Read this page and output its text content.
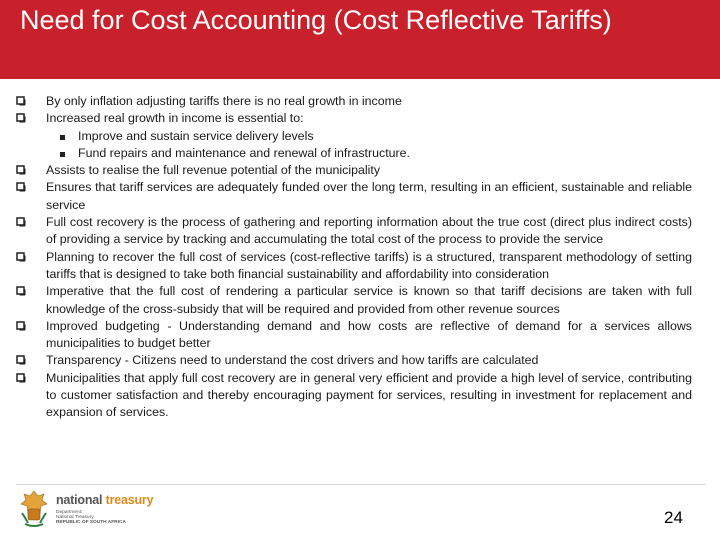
Need for Cost Accounting (Cost Reflective Tariffs)
By only inflation adjusting tariffs there is no real growth in income
Increased real growth in income is essential to:
Improve and sustain service delivery levels
Fund repairs and maintenance and renewal of infrastructure.
Assists to realise the full revenue potential of the municipality
Ensures that tariff services are adequately funded over the long term, resulting in an efficient, sustainable and reliable service
Full cost recovery is the process of gathering and reporting information about the true cost (direct plus indirect costs) of providing a service by tracking and accumulating the total cost of the process to provide the service
Planning to recover the full cost of services (cost-reflective tariffs) is a structured, transparent methodology of setting tariffs that is designed to take both financial sustainability and affordability into consideration
Imperative that the full cost of rendering a particular service is known so that tariff decisions are taken with full knowledge of the cross-subsidy that will be required and provided from other revenue sources
Improved budgeting - Understanding demand and how costs are reflective of demand for a services allows municipalities to budget better
Transparency - Citizens need to understand the cost drivers and how tariffs are calculated
Municipalities that apply full cost recovery are in general very efficient and provide a high level of service, contributing to customer satisfaction and thereby encouraging payment for services, resulting in investment for replacement and expansion of services.
national treasury
Department:
National Treasury
REPUBLIC OF SOUTH AFRICA	24
